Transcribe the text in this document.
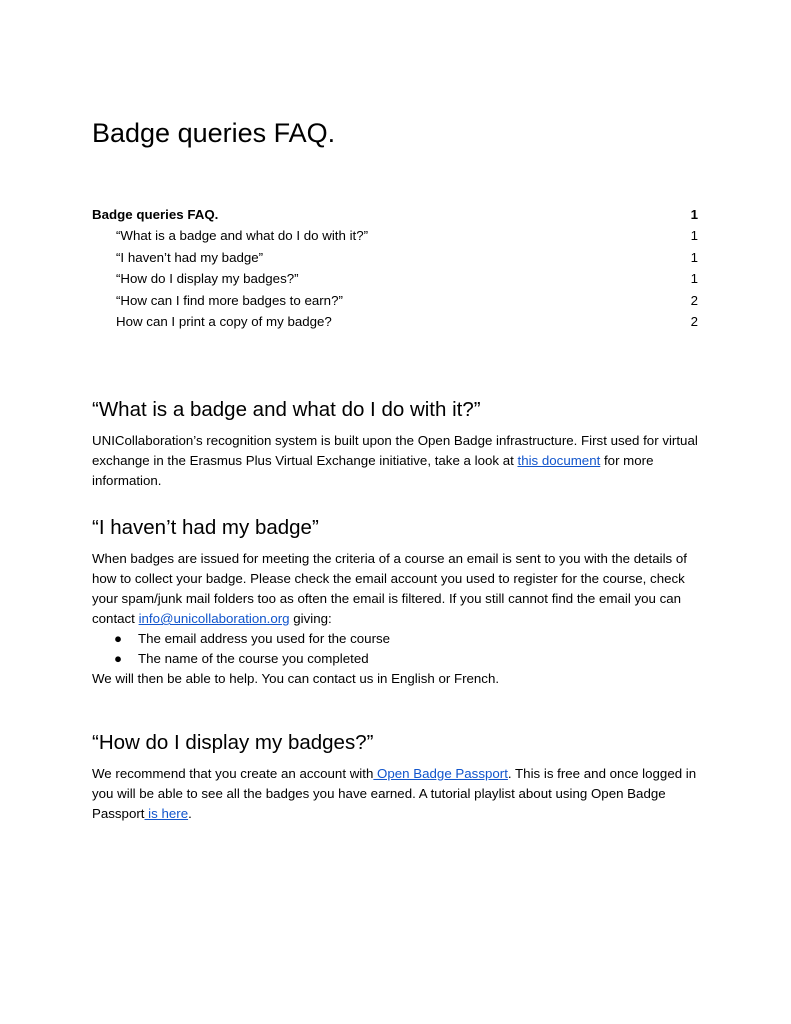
Badge queries FAQ.
Badge queries FAQ.	1
“What is a badge and what do I do with it?”	1
“I haven’t had my badge”	1
“How do I display my badges?”	1
“How can I find more badges to earn?”	2
How can I print a copy of my badge?	2
“What is a badge and what do I do with it?”

UNICollaboration’s recognition system is built upon the Open Badge infrastructure. First used for virtual exchange in the Erasmus Plus Virtual Exchange initiative, take a look at this document for more information.

“I haven’t had my badge”

When badges are issued for meeting the criteria of a course an email is sent to you with the details of how to collect your badge. Please check the email account you used to register for the course, check your spam/junk mail folders too as often the email is filtered. If you still cannot find the email you can contact info@unicollaboration.org giving:

● The email address you used for the course
● The name of the course you completed

We will then be able to help. You can contact us in English or French.

“How do I display my badges?”

We recommend that you create an account with Open Badge Passport. This is free and once logged in you will be able to see all the badges you have earned. A tutorial playlist about using Open Badge Passport is here.
